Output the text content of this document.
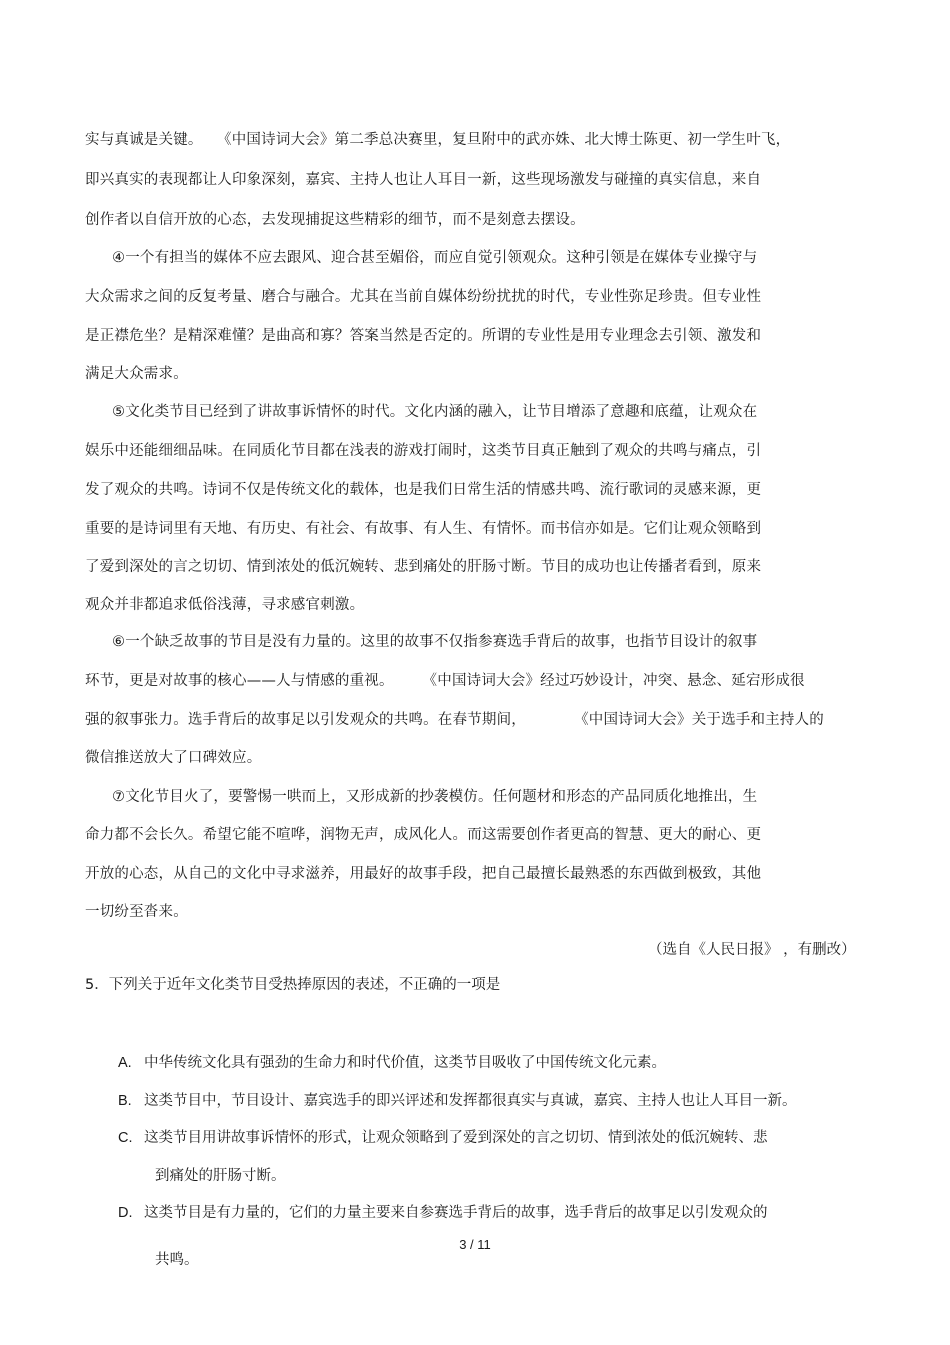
实与真诚是关键。   《中国诗词大会》第二季总决赛里，复旦附中的武亦姝、北大博士陈更、初一学生叶飞，
即兴真实的表现都让人印象深刻，嘉宾、主持人也让人耳目一新，这些现场激发与碰撞的真实信息，来自
创作者以自信开放的心态，去发现捕捉这些精彩的细节，而不是刻意去摆设。
④一个有担当的媒体不应去跟风、迎合甚至媚俗，而应自觉引领观众。这种引领是在媒体专业操守与
大众需求之间的反复考量、磨合与融合。尤其在当前自媒体纷纷扰扰的时代，专业性弥足珍贵。但专业性
是正襟危坐？是精深难懂？是曲高和寡？答案当然是否定的。所谓的专业性是用专业理念去引领、激发和
满足大众需求。
⑤文化类节目已经到了讲故事诉情怀的时代。文化内涵的融入，让节目增添了意趣和底蕴，让观众在
娱乐中还能细细品味。在同质化节目都在浅表的游戏打闹时，这类节目真正触到了观众的共鸣与痛点，引
发了观众的共鸣。诗词不仅是传统文化的载体，也是我们日常生活的情感共鸣、流行歌词的灵感来源，更
重要的是诗词里有天地、有历史、有社会、有故事、有人生、有情怀。而书信亦如是。它们让观众领略到
了爱到深处的言之切切、情到浓处的低沉婉转、悲到痛处的肝肠寸断。节目的成功也让传播者看到，原来
观众并非都追求低俗浅薄，寻求感官刺激。
⑥一个缺乏故事的节目是没有力量的。这里的故事不仅指参赛选手背后的故事，也指节目设计的叙事
环节，更是对故事的核心——人与情感的重视。      《中国诗词大会》经过巧妙设计，冲突、悬念、延宕形成很
强的叙事张力。选手背后的故事足以引发观众的共鸣。在春节期间，          《中国诗词大会》关于选手和主持人的
微信推送放大了口碑效应。
⑦文化节目火了，要警惕一哄而上，又形成新的抄袭模仿。任何题材和形态的产品同质化地推出，生
命力都不会长久。希望它能不喧哗，润物无声，成风化人。而这需要创作者更高的智慧、更大的耐心、更
开放的心态，从自己的文化中寻求滋养，用最好的故事手段，把自己最擅长最熟悉的东西做到极致，其他
一切纷至沓来。
（选自《人民日报》 ，有删改）
5．下列关于近年文化类节目受热捧原因的表述，不正确的一项是
A. 中华传统文化具有强劲的生命力和时代价值，这类节目吸收了中国传统文化元素。
B. 这类节目中，节目设计、嘉宾选手的即兴评述和发挥都很真实与真诚，嘉宾、主持人也让人耳目一新。
C. 这类节目用讲故事诉情怀的形式，让观众领略到了爱到深处的言之切切、情到浓处的低沉婉转、悲
到痛处的肝肠寸断。
D. 这类节目是有力量的，它们的力量主要来自参赛选手背后的故事，选手背后的故事足以引发观众的
共鸣。
3 / 11
